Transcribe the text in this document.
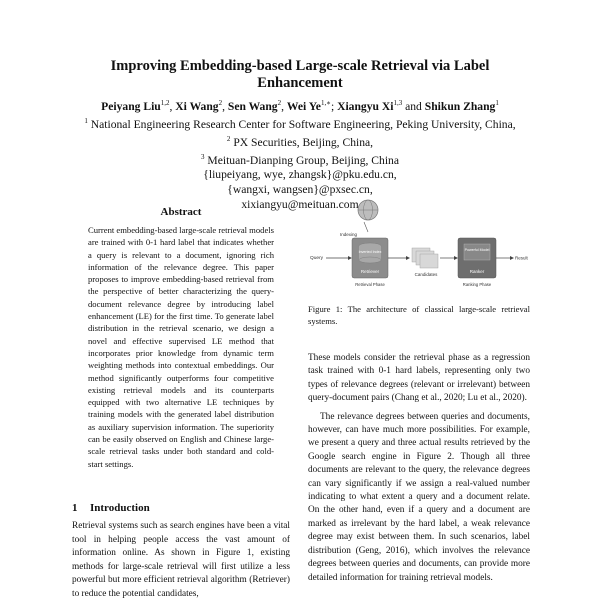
Improving Embedding-based Large-scale Retrieval via Label
Enhancement
Peiyang Liu$^{1,2}$, Xi Wang$^2$, Sen Wang$^2$, Wei $Ye^{1,∗}$; Xiangyu Xi$^{1,3}$ and Shikun Zhang$^1$
$^1$ National Engineering Research Center for Software Engineering, Peking University, China,
$^2$ PX Securities, Beijing, China,
$^3$ Meituan-Dianping Group, Beijing, China
{liupeiyang, wye, zhangsk}@pku.edu.cn,
{wangxi, wangsen}@pxsec.cn,
xixiangyu@meituan.com
Abstract
Current embedding-based large-scale retrieval models are trained with 0-1 hard label that indicates whether a query is relevant to a document, ignoring rich information of the relevance degree. This paper proposes to improve embedding-based retrieval from the perspective of better characterizing the query-document relevance degree by introducing label enhancement (LE) for the first time. To generate label distribution in the retrieval scenario, we design a novel and effective supervised LE method that incorporates prior knowledge from dynamic term weighting methods into contextual embeddings. Our method significantly outperforms four competitive existing retrieval models and its counterparts equipped with two alternative LE techniques by training models with the generated label distribution as auxiliary supervision information. The superiority can be easily observed on English and Chinese large-scale retrieval tasks under both standard and cold-start settings.
1 Introduction
Retrieval systems such as search engines have been a vital tool in helping people access the vast amount of information online. As shown in Figure 1, existing methods for large-scale retrieval will first utilize a less powerful but more efficient retrieval algorithm (Retriever) to reduce the potential candidates,
Indexing
Query
Inverted Index
Retriever
Retrieval Phase
Candidates
Powerful Model
Ranker
Ranking Phase
Result
Figure 1: The architecture of classical large-scale retrieval systems.

These models consider the retrieval phase as a regression task trained with 0-1 hard labels, representing only two types of relevance degrees (relevant or irrelevant) between query-document pairs (Chang et al., 2020; Lu et al., 2020).

The relevance degrees between queries and documents, however, can have much more possibilities. For example, we present a query and three actual results retrieved by the Google search engine in Figure 2. Though all three documents are relevant to the query, the relevance degrees can vary significantly if we assign a real-valued number indicating to what extent a query and a document relate. On the other hand, even if a query and a document are marked as irrelevant by the hard label, a weak relevance degree may exist between them. In such scenarios, label distribution (Geng, 2016), which involves the relevance degrees between queries and documents, can provide more detailed information for training retrieval models.
